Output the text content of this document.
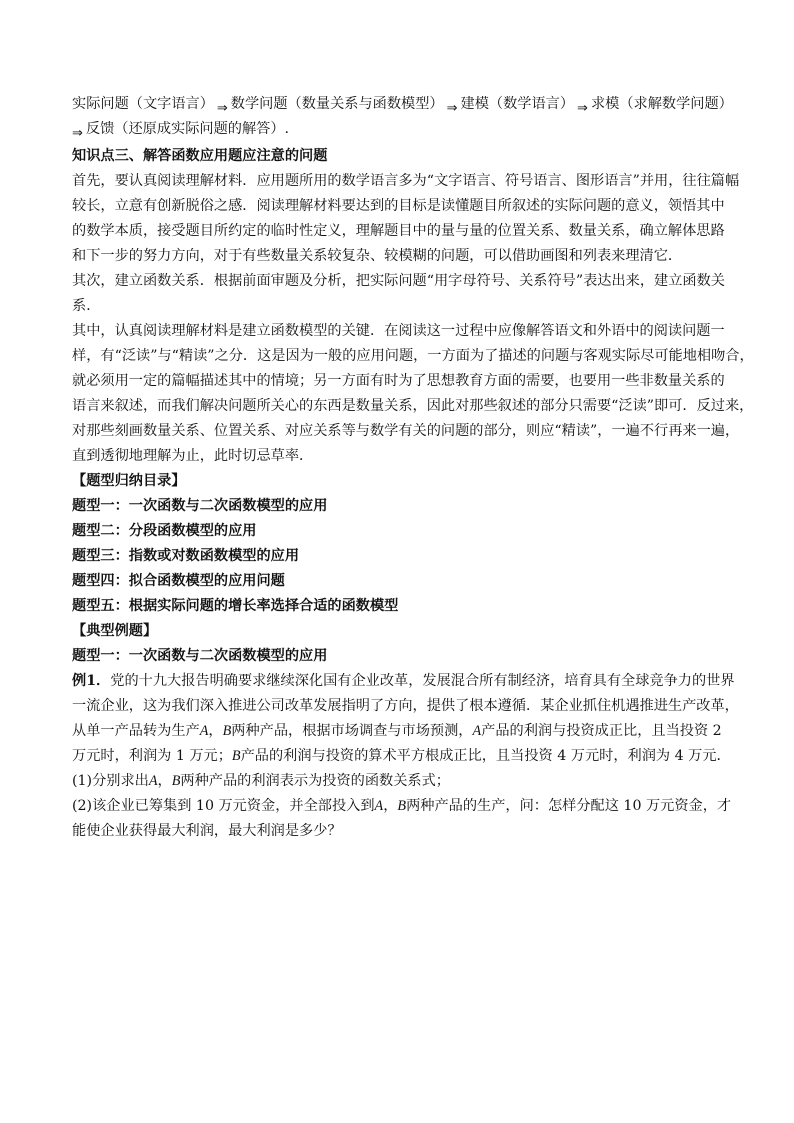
实际问题（文字语言） ⇒ 数学问题（数量关系与函数模型） ⇒ 建模（数学语言） ⇒ 求模（求解数学问题）
⇒ 反馈（还原成实际问题的解答）.
知识点三、解答函数应用题应注意的问题
首先，要认真阅读理解材料．应用题所用的数学语言多为“文字语言、符号语言、图形语言”并用，往往篇幅
较长，立意有创新脱俗之感．阅读理解材料要达到的目标是读懂题目所叙述的实际问题的意义，领悟其中
的数学本质，接受题目所约定的临时性定义，理解题目中的量与量的位置关系、数量关系，确立解体思路
和下一步的努力方向，对于有些数量关系较复杂、较模糊的问题，可以借助画图和列表来理清它．
其次，建立函数关系．根据前面审题及分析，把实际问题“用字母符号、关系符号”表达出来，建立函数关
系．
其中，认真阅读理解材料是建立函数模型的关键．在阅读这一过程中应像解答语文和外语中的阅读问题一
样，有“泛读”与“精读”之分．这是因为一般的应用问题，一方面为了描述的问题与客观实际尽可能地相吻合，
就必须用一定的篇幅描述其中的情境；另一方面有时为了思想教育方面的需要，也要用一些非数量关系的
语言来叙述，而我们解决问题所关心的东西是数量关系，因此对那些叙述的部分只需要“泛读”即可．反过来，
对那些刻画数量关系、位置关系、对应关系等与数学有关的问题的部分，则应“精读”，一遍不行再来一遍，
直到透彻地理解为止，此时切忌草率．
【题型归纳目录】
题型一：一次函数与二次函数模型的应用
题型二：分段函数模型的应用
题型三：指数或对数函数模型的应用
题型四：拟合函数模型的应用问题
题型五：根据实际问题的增长率选择合适的函数模型
【典型例题】
题型一：一次函数与二次函数模型的应用
例1．党的十九大报告明确要求继续深化国有企业改革，发展混合所有制经济，培育具有全球竞争力的世界
一流企业，这为我们深入推进公司改革发展指明了方向，提供了根本遵循．某企业抓住机遇推进生产改革，
从单一产品转为生产A，B两种产品，根据市场调查与市场预测，A产品的利润与投资成正比，且当投资 2
万元时，利润为 1 万元；B产品的利润与投资的算术平方根成正比，且当投资 4 万元时，利润为 4 万元．
(1)分别求出A，B两种产品的利润表示为投资的函数关系式；
(2)该企业已筹集到 10 万元资金，并全部投入到A，B两种产品的生产，问：怎样分配这 10 万元资金，才
能使企业获得最大利润，最大利润是多少？
